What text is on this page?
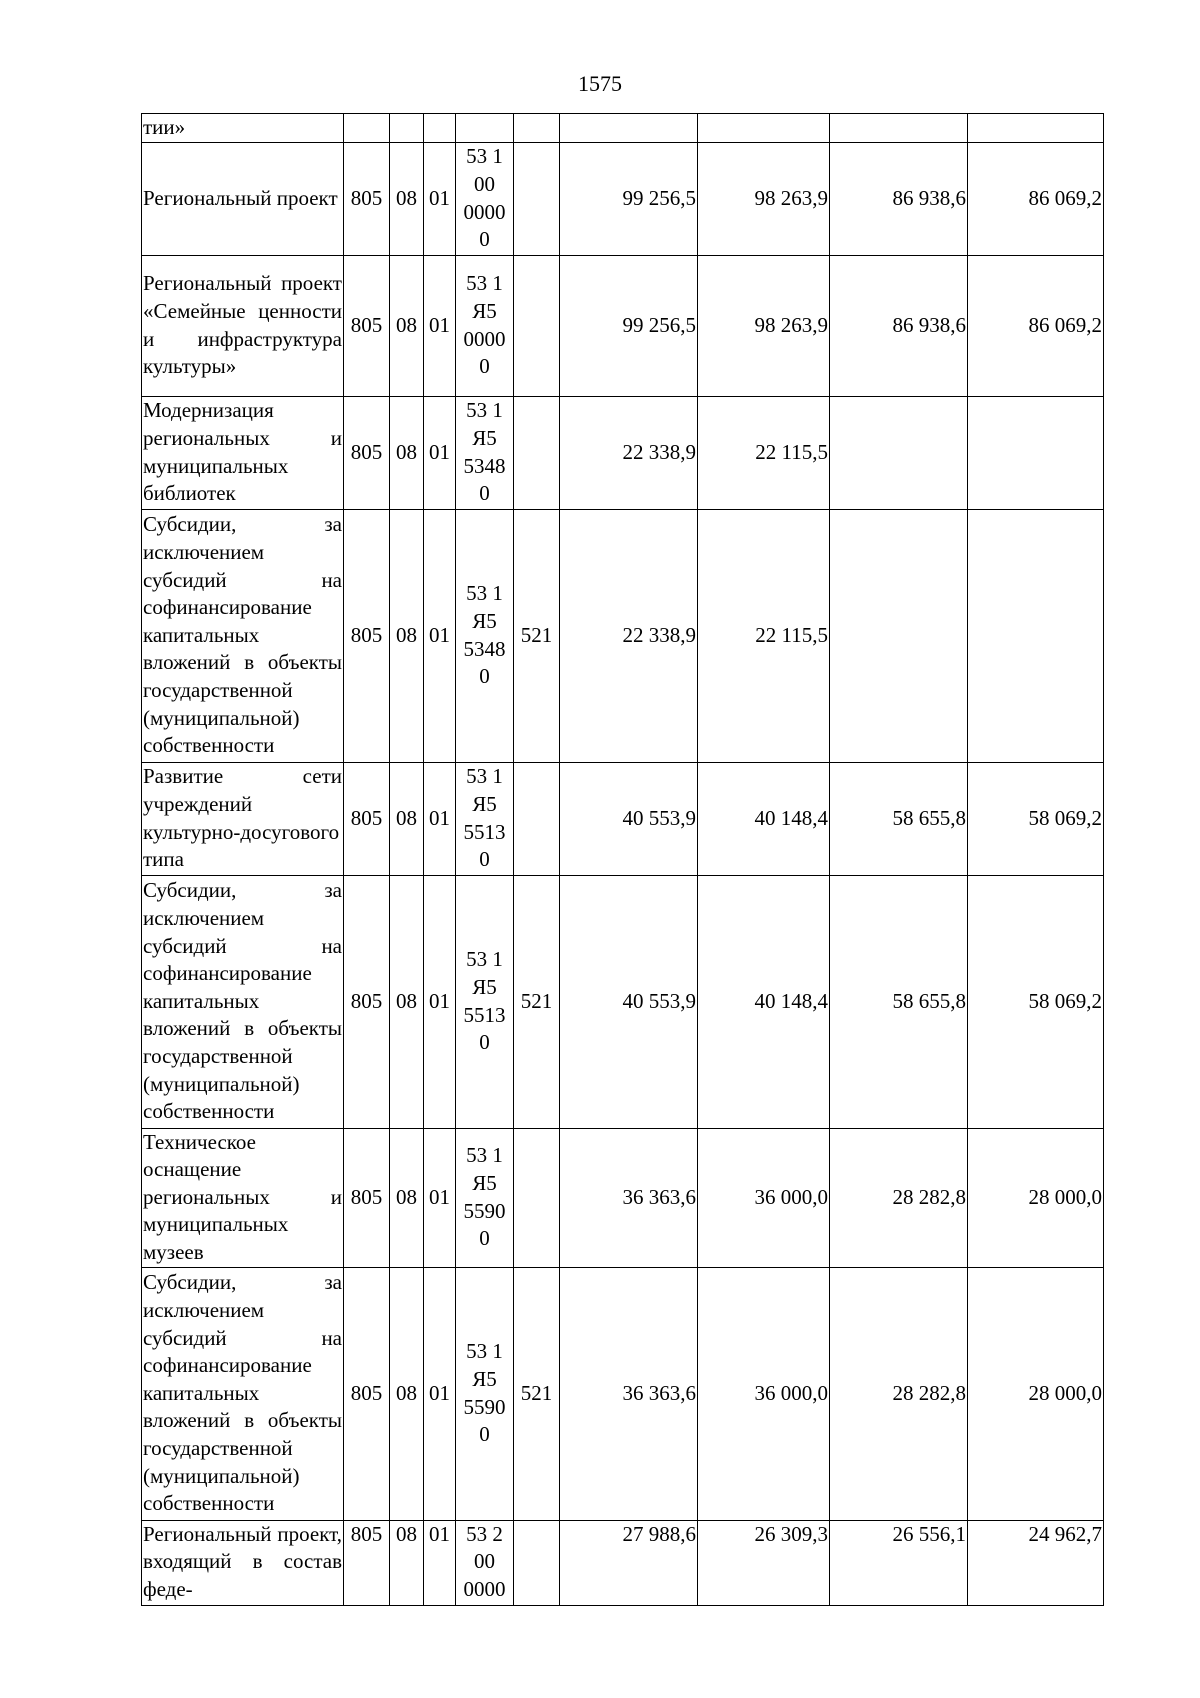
1575
тии»									
Региональный проект	805	08	01	53 1
00
0000
0		99 256,5	98 263,9	86 938,6	86 069,2
Региональный проект «Семейные ценности и инфраструктура культуры»	805	08	01	53 1
Я5
0000
0		99 256,5	98 263,9	86 938,6	86 069,2
Модернизация региональных и муниципальных библиотек	805	08	01	53 1
Я5
5348
0		22 338,9	22 115,5		
Субсидии, за исключением субсидий на софинансирование капитальных вложений в объекты государственной (муниципальной) собственности	805	08	01	53 1
Я5
5348
0	521	22 338,9	22 115,5		
Развитие сети учреждений культурно-досугового типа	805	08	01	53 1
Я5
5513
0		40 553,9	40 148,4	58 655,8	58 069,2
Субсидии, за исключением субсидий на софинансирование капитальных вложений в объекты государственной (муниципальной) собственности	805	08	01	53 1
Я5
5513
0	521	40 553,9	40 148,4	58 655,8	58 069,2
Техническое оснащение региональных и муниципальных музеев	805	08	01	53 1
Я5
5590
0		36 363,6	36 000,0	28 282,8	28 000,0
Субсидии, за исключением субсидий на софинансирование капитальных вложений в объекты государственной (муниципальной) собственности	805	08	01	53 1
Я5
5590
0	521	36 363,6	36 000,0	28 282,8	28 000,0
Региональный проект, входящий в состав феде-	805	08	01	53 2
00
0000		27 988,6	26 309,3	26 556,1	24 962,7
